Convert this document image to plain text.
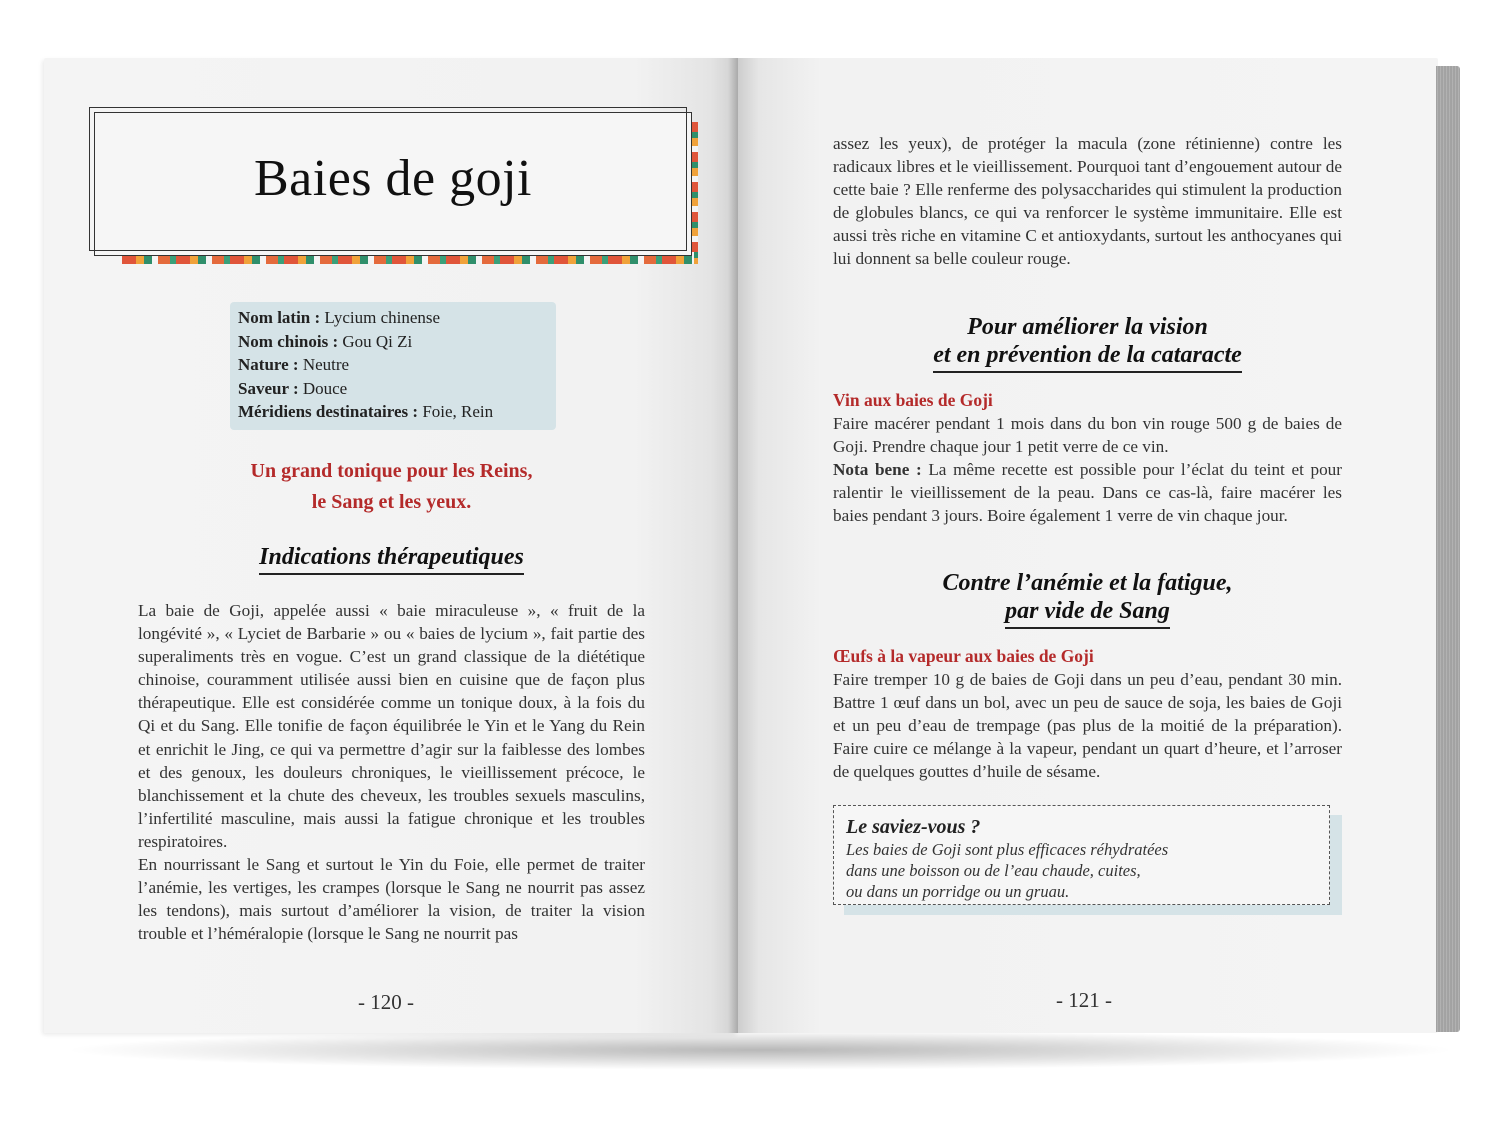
Baies de goji
Nom latin : Lycium chinense
Nom chinois : Gou Qi Zi
Nature : Neutre
Saveur : Douce
Méridiens destinataires : Foie, Rein
Un grand tonique pour les Reins,
le Sang et les yeux.
Indications thérapeutiques

La baie de Goji, appelée aussi « baie miraculeuse », « fruit de la longévité », « Lyciet de Barbarie » ou « baies de lycium », fait partie des superaliments très en vogue. C’est un grand classique de la diététique chinoise, couramment utilisée aussi bien en cuisine que de façon plus thérapeutique. Elle est considérée comme un tonique doux, à la fois du Qi et du Sang. Elle tonifie de façon équilibrée le Yin et le Yang du Rein et enrichit le Jing, ce qui va permettre d’agir sur la faiblesse des lombes et des genoux, les douleurs chroniques, le vieillissement précoce, le blanchissement et la chute des cheveux, les troubles sexuels masculins, l’infertilité masculine, mais aussi la fatigue chronique et les troubles respiratoires.

En nourrissant le Sang et surtout le Yin du Foie, elle permet de traiter l’anémie, les vertiges, les crampes (lorsque le Sang ne nourrit pas assez les tendons), mais surtout d’améliorer la vision, de traiter la vision trouble et l’héméralopie (lorsque le Sang ne nourrit pas

- 120 -

assez les yeux), de protéger la macula (zone rétinienne) contre les radicaux libres et le vieillissement. Pourquoi tant d’engouement autour de cette baie ? Elle renferme des polysaccharides qui stimulent la production de globules blancs, ce qui va renforcer le système immunitaire. Elle est aussi très riche en vitamine C et antioxydants, surtout les anthocyanes qui lui donnent sa belle couleur rouge.

Pour améliorer la vision
et en prévention de la cataracte
Vin aux baies de Goji

Faire macérer pendant 1 mois dans du bon vin rouge 500 g de baies de Goji. Prendre chaque jour 1 petit verre de ce vin.

Nota bene : La même recette est possible pour l’éclat du teint et pour ralentir le vieillissement de la peau. Dans ce cas-là, faire macérer les baies pendant 3 jours. Boire également 1 verre de vin chaque jour.

Contre l’anémie et la fatigue,
par vide de Sang
Œufs à la vapeur aux baies de Goji

Faire tremper 10 g de baies de Goji dans un peu d’eau, pendant 30 min. Battre 1 œuf dans un bol, avec un peu de sauce de soja, les baies de Goji et un peu d’eau de trempage (pas plus de la moitié de la préparation). Faire cuire ce mélange à la vapeur, pendant un quart d’heure, et l’arroser de quelques gouttes d’huile de sésame.

Le saviez-vous ?
Les baies de Goji sont plus efficaces réhydratées
dans une boisson ou de l’eau chaude, cuites,
ou dans un porridge ou un gruau.
- 121 -
